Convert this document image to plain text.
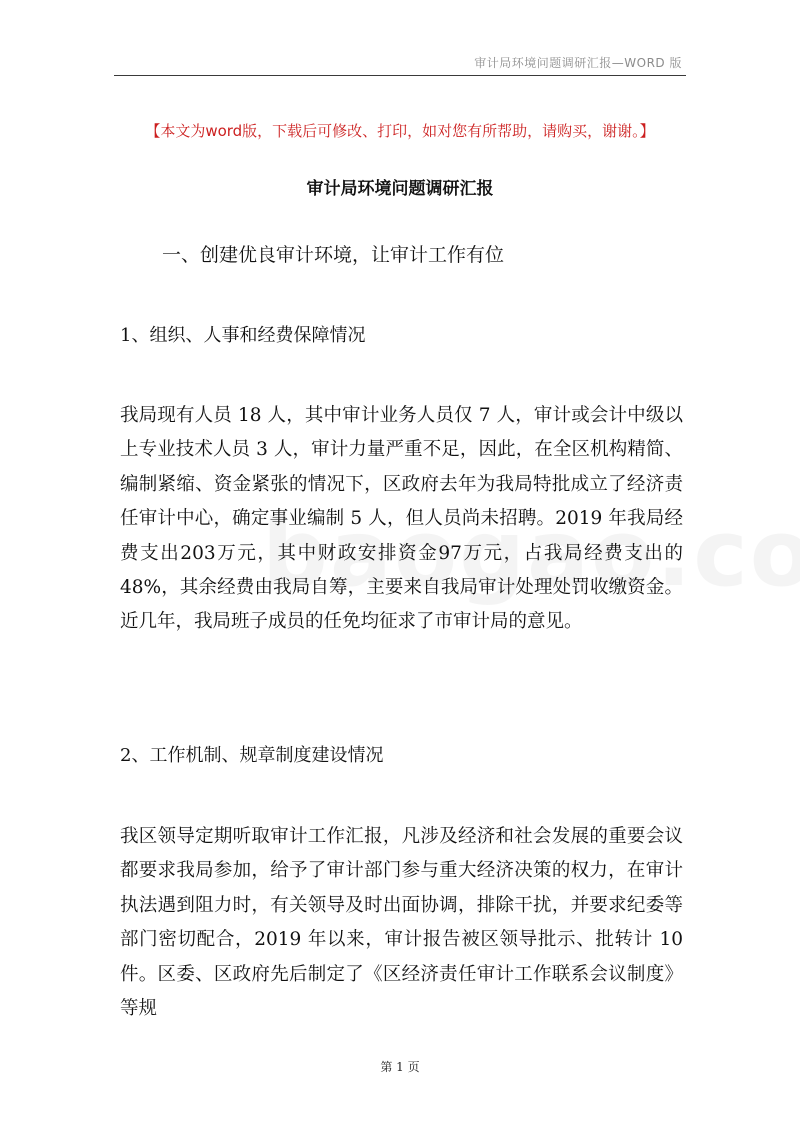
审计局环境问题调研汇报—WORD 版
【本文为word版，下载后可修改、打印，如对您有所帮助，请购买，谢谢。】
审计局环境问题调研汇报
一、创建优良审计环境，让审计工作有位
1、组织、人事和经费保障情况

我局现有人员 18 人，其中审计业务人员仅 7 人，审计或会计中级以上专业技术人员 3 人，审计力量严重不足，因此，在全区机构精简、编制紧缩、资金紧张的情况下，区政府去年为我局特批成立了经济责任审计中心，确定事业编制 5 人，但人员尚未招聘。2019 年我局经费支出203万元，其中财政安排资金97万元，占我局经费支出的48%，其余经费由我局自筹，主要来自我局审计处理处罚收缴资金。近几年，我局班子成员的任免均征求了市审计局的意见。

2、工作机制、规章制度建设情况

我区领导定期听取审计工作汇报，凡涉及经济和社会发展的重要会议都要求我局参加，给予了审计部门参与重大经济决策的权力，在审计执法遇到阻力时，有关领导及时出面协调，排除干扰，并要求纪委等部门密切配合，2019 年以来，审计报告被区领导批示、批转计 10 件。区委、区政府先后制定了《区经济责任审计工作联系会议制度》等规

第 1 页
